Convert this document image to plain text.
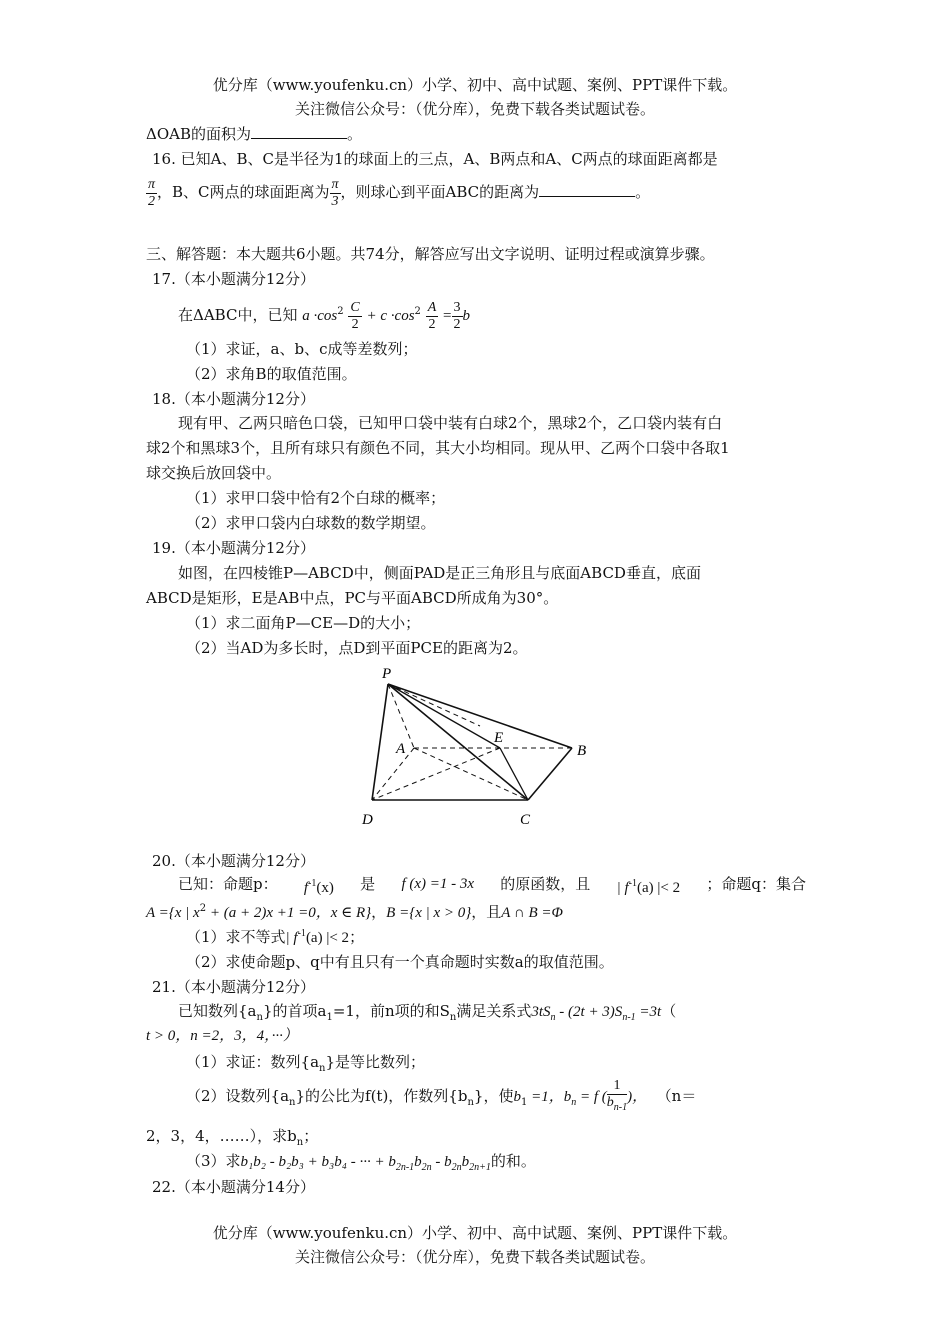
优分库（www.youfenku.cn）小学、初中、高中试题、案例、PPT课件下载。
关注微信公众号：（优分库），免费下载各类试题试卷。
ΔOAB的面积为	。
16. 已知A、B、C是半径为1的球面上的三点，A、B两点和A、C两点的球面距离都是
$\frac{\pi}{2}$ ，B、C两点的球面距离为 $\frac{\pi}{3}$ ，则球心到平面ABC的距离为	。
三、解答题：本大题共6小题。共74分，解答应写出文字说明、证明过程或演算步骤。
17.（本小题满分12分）
在ΔABC中，已知 $a \cdot\cos^2 \frac{C}{2} + c \cdot\cos^2 \frac{A}{2} = \frac{3}{2}$ b
（1）求证，a、b、c成等差数列；
（2）求角B的取值范围。
18.（本小题满分12分）
现有甲、乙两只暗色口袋，已知甲口袋中装有白球2个，黑球2个，乙口袋内装有白
球2个和黑球3个，且所有球只有颜色不同，其大小均相同。现从甲、乙两个口袋中各取1
球交换后放回袋中。
（1）求甲口袋中恰有2个白球的概率；
（2）求甲口袋内白球数的数学期望。
19.（本小题满分12分）
如图，在四棱锥P—ABCD中，侧面PAD是正三角形且与底面ABCD垂直，底面
ABCD是矩形，E是AB中点，PC与平面ABCD所成角为30°。
（1）求二面角P—CE—D的大小；
（2）当AD为多长时，点D到平面PCE的距离为2。
P
A
E
B
D	C
20.（本小题满分12分）
已知：命题p： $f^{-1}(x)$ 是 f (x) =1 - 3x 的原函数，且 | $f^{-1}(a)$ |< 2 ；命题q：集合
A ={x | $x^2 + (a + 2)x +1 =0$，x ∈ R}，B ={x | x > 0}，且A ∩ B =Φ
（1）求不等式| $f^{-1}(a)$ |< 2；
（2）求使命题p、q中有且只有一个真命题时实数a的取值范围。
21.（本小题满分12分）
已知数列$\{a_n\}$的首项$a_1=1$，前n项的和$S_n$满足关系式$3tS_n - (2t + 3)S_{n-1} =3t$（
t > 0，n =2，3，4，···）
（1）求证：数列$\{a_n\}$是等比数列；
（2）设数列$\{a_n\}$的公比为f(t)，作数列$\{b_n\}$，使$b_1 =1$，$b_n = f$ ( $\frac{1}{b_{n-1}}$ )， （n＝
2，3，4，……），求$b_n$；
（3）求b₁b₂ - b₂b₃ + b₃b₄ - ··· + $b_{2n-1}b_{2n} - b_{2n}b_{2n+1}$的和。
22.（本小题满分14分）
优分库（www.youfenku.cn）小学、初中、高中试题、案例、PPT课件下载。
关注微信公众号：（优分库），免费下载各类试题试卷。
